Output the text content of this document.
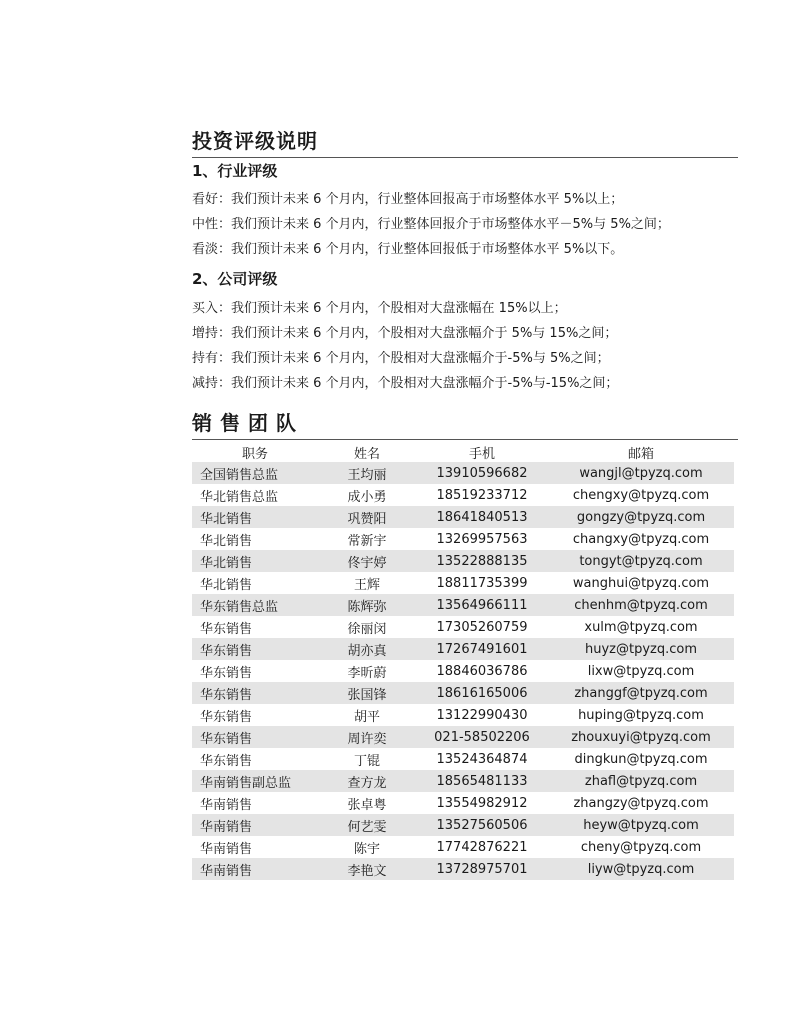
投资评级说明
1、行业评级
看好：我们预计未来 6 个月内，行业整体回报高于市场整体水平 5%以上；
中性：我们预计未来 6 个月内，行业整体回报介于市场整体水平－5%与 5%之间；
看淡：我们预计未来 6 个月内，行业整体回报低于市场整体水平 5%以下。
2、公司评级
买入：我们预计未来 6 个月内，个股相对大盘涨幅在 15%以上；
增持：我们预计未来 6 个月内，个股相对大盘涨幅介于 5%与 15%之间；
持有：我们预计未来 6 个月内，个股相对大盘涨幅介于-5%与 5%之间；
减持：我们预计未来 6 个月内，个股相对大盘涨幅介于-5%与-15%之间；
销售团队
职务	姓名	手机	邮箱
全国销售总监	王均丽	13910596682	wangjl@tpyzq.com
华北销售总监	成小勇	18519233712	chengxy@tpyzq.com
华北销售	巩赞阳	18641840513	gongzy@tpyzq.com
华北销售	常新宇	13269957563	changxy@tpyzq.com
华北销售	佟宇婷	13522888135	tongyt@tpyzq.com
华北销售	王辉	18811735399	wanghui@tpyzq.com
华东销售总监	陈辉弥	13564966111	chenhm@tpyzq.com
华东销售	徐丽闵	17305260759	xulm@tpyzq.com
华东销售	胡亦真	17267491601	huyz@tpyzq.com
华东销售	李昕蔚	18846036786	lixw@tpyzq.com
华东销售	张国锋	18616165006	zhanggf@tpyzq.com
华东销售	胡平	13122990430	huping@tpyzq.com
华东销售	周许奕	021-58502206	zhouxuyi@tpyzq.com
华东销售	丁锟	13524364874	dingkun@tpyzq.com
华南销售副总监	查方龙	18565481133	zhafl@tpyzq.com
华南销售	张卓粤	13554982912	zhangzy@tpyzq.com
华南销售	何艺雯	13527560506	heyw@tpyzq.com
华南销售	陈宇	17742876221	cheny@tpyzq.com
华南销售	李艳文	13728975701	liyw@tpyzq.com
